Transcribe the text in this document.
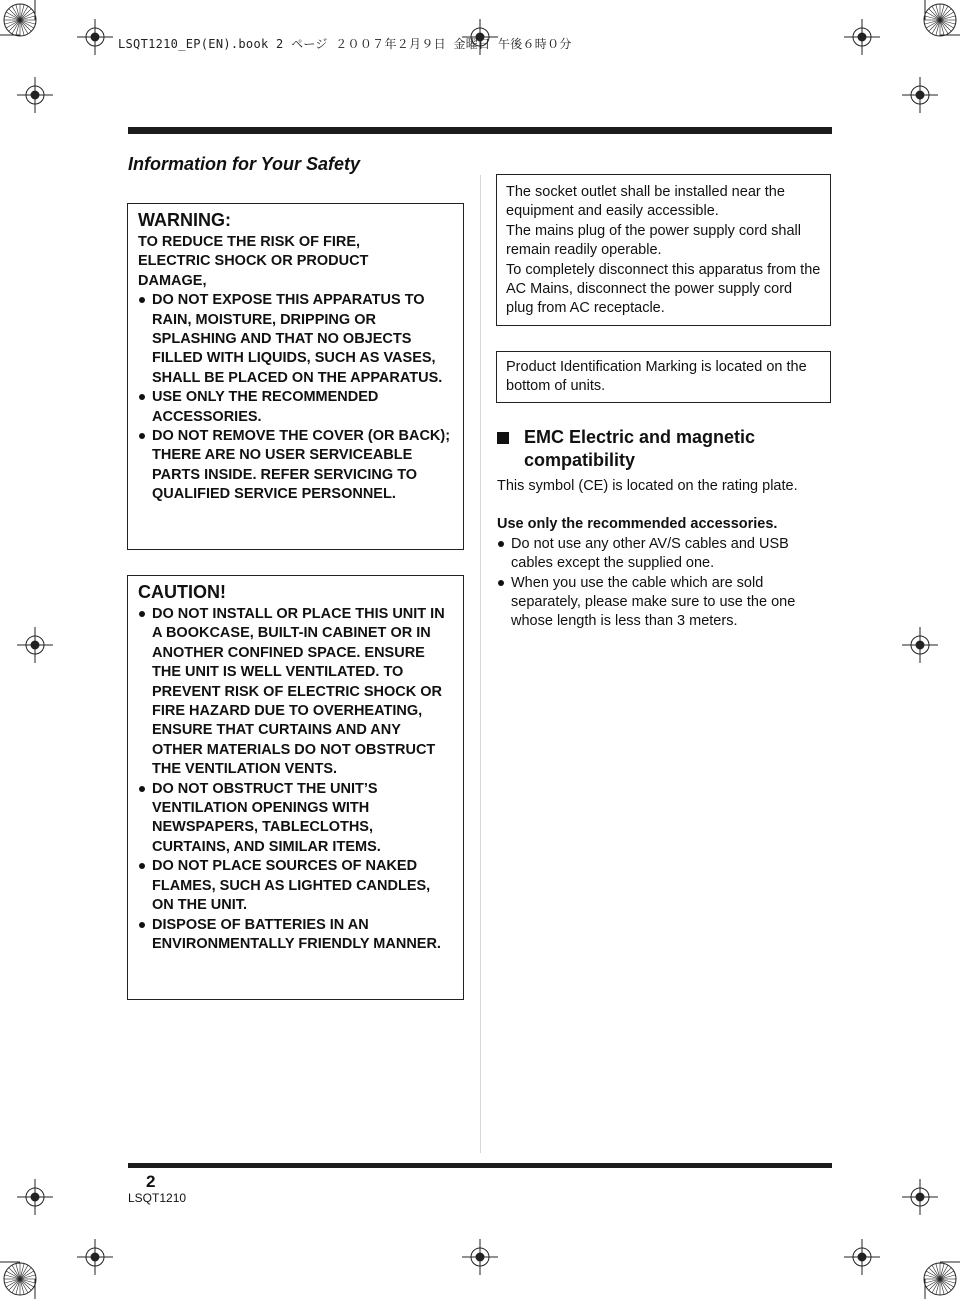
LSQT1210_EP(EN).book 2 ページ ２００７年２月９日 金曜日 午後６時０分
Information for Your Safety
WARNING:
TO REDUCE THE RISK OF FIRE,
ELECTRIC SHOCK OR PRODUCT
DAMAGE,
DO NOT EXPOSE THIS APPARATUS TO RAIN, MOISTURE, DRIPPING OR SPLASHING AND THAT NO OBJECTS FILLED WITH LIQUIDS, SUCH AS VASES, SHALL BE PLACED ON THE APPARATUS.
USE ONLY THE RECOMMENDED ACCESSORIES.
DO NOT REMOVE THE COVER (OR BACK); THERE ARE NO USER SERVICEABLE PARTS INSIDE. REFER SERVICING TO QUALIFIED SERVICE PERSONNEL.
CAUTION!
DO NOT INSTALL OR PLACE THIS UNIT IN A BOOKCASE, BUILT-IN CABINET OR IN ANOTHER CONFINED SPACE. ENSURE THE UNIT IS WELL VENTILATED. TO PREVENT RISK OF ELECTRIC SHOCK OR FIRE HAZARD DUE TO OVERHEATING, ENSURE THAT CURTAINS AND ANY OTHER MATERIALS DO NOT OBSTRUCT THE VENTILATION VENTS.
DO NOT OBSTRUCT THE UNIT’S VENTILATION OPENINGS WITH NEWSPAPERS, TABLECLOTHS, CURTAINS, AND SIMILAR ITEMS.
DO NOT PLACE SOURCES OF NAKED FLAMES, SUCH AS LIGHTED CANDLES, ON THE UNIT.
DISPOSE OF BATTERIES IN AN ENVIRONMENTALLY FRIENDLY MANNER.

The socket outlet shall be installed near the equipment and easily accessible.

The mains plug of the power supply cord shall remain readily operable.

To completely disconnect this apparatus from the AC Mains, disconnect the power supply cord plug from AC receptacle.

Product Identification Marking is located on the bottom of units.

EMC Electric and magnetic compatibility

This symbol (CE) is located on the rating plate.

Use only the recommended accessories.

Do not use any other AV/S cables and USB cables except the supplied one.
When you use the cable which are sold separately, please make sure to use the one whose length is less than 3 meters.
2
LSQT1210
